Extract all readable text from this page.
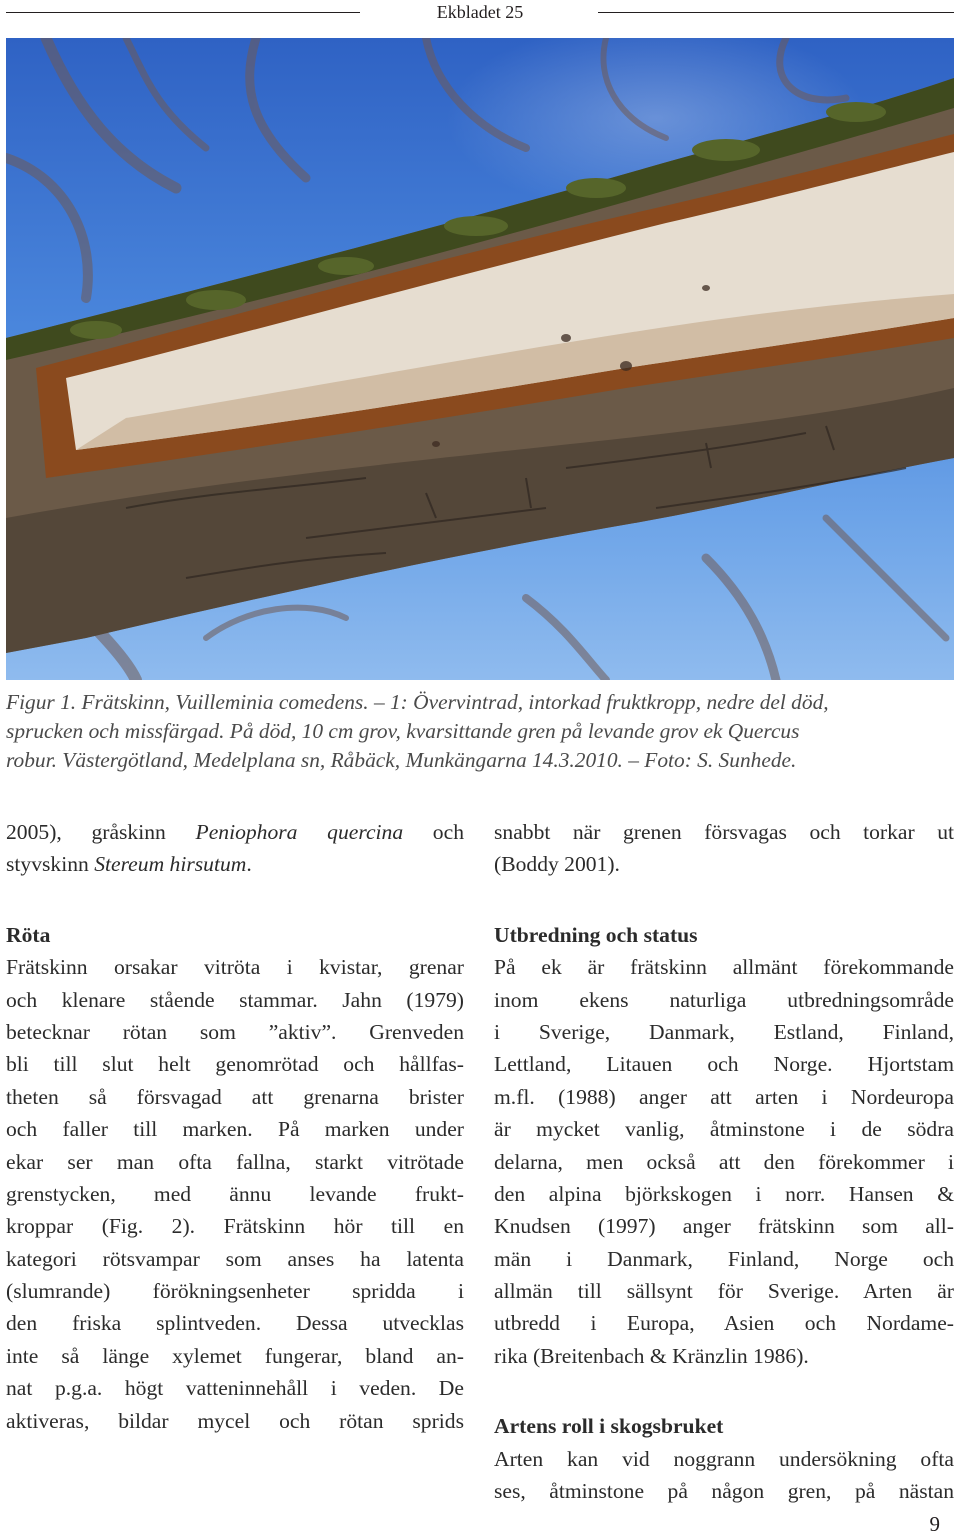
Ekbladet 25
Figur 1. Frätskinn, Vuilleminia comedens. – 1: Övervintrad, intorkad fruktkropp, nedre del död,
sprucken och missfärgad. På död, 10 cm grov, kvarsittande gren på levande grov ek Quercus
robur. Västergötland, Medelplana sn, Råbäck, Munkängarna 14.3.2010. – Foto: S. Sunhede.
2005), gråskinn Peniophora quercina och
styvskinn Stereum hirsutum.
Röta
Frätskinn orsakar vitröta i kvistar, grenar
och klenare stående stammar. Jahn (1979)
betecknar rötan som ”aktiv”. Grenveden
bli till slut helt genomrötad och hållfas-
theten så försvagad att grenarna brister
och faller till marken. På marken under
ekar ser man ofta fallna, starkt vitrötade
grenstycken, med ännu levande frukt-
kroppar (Fig. 2). Frätskinn hör till en
kategori rötsvampar som anses ha latenta
(slumrande) förökningsenheter spridda i
den friska splintveden. Dessa utvecklas
inte så länge xylemet fungerar, bland an-
nat p.g.a. högt vatteninnehåll i veden. De
aktiveras, bildar mycel och rötan sprids
snabbt när grenen försvagas och torkar ut
(Boddy 2001).
Utbredning och status
På ek är frätskinn allmänt förekommande
inom ekens naturliga utbredningsområde
i Sverige, Danmark, Estland, Finland,
Lettland, Litauen och Norge. Hjortstam
m.fl. (1988) anger att arten i Nordeuropa
är mycket vanlig, åtminstone i de södra
delarna, men också att den förekommer i
den alpina björkskogen i norr. Hansen &
Knudsen (1997) anger frätskinn som all-
män i Danmark, Finland, Norge och
allmän till sällsynt för Sverige. Arten är
utbredd i Europa, Asien och Nordame-
rika (Breitenbach & Kränzlin 1986).
Artens roll i skogsbruket
Arten kan vid noggrann undersökning ofta
ses, åtminstone på någon gren, på nästan
9
